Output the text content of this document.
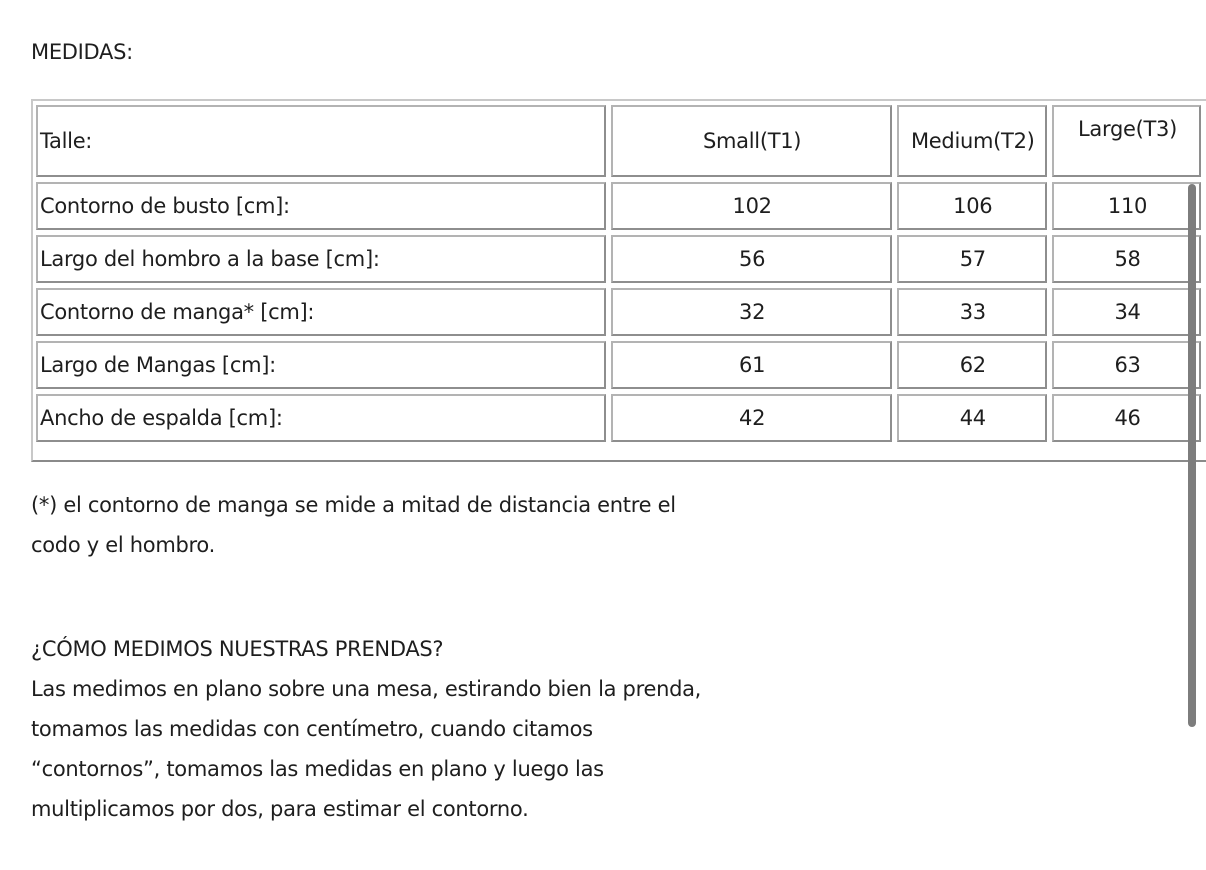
MEDIDAS:
Talle:	Small(T1)	Medium(T2)	Large(T3)
Contorno de busto [cm]:	102	106	110
Largo del hombro a la base [cm]:	56	57	58
Contorno de manga* [cm]:	32	33	34
Largo de Mangas [cm]:	61	62	63
Ancho de espalda [cm]:	42	44	46
(*) el contorno de manga se mide a mitad de distancia entre el
codo y el hombro.
¿CÓMO MEDIMOS NUESTRAS PRENDAS?
Las medimos en plano sobre una mesa, estirando bien la prenda,
tomamos las medidas con centímetro, cuando citamos
“contornos”, tomamos las medidas en plano y luego las
multiplicamos por dos, para estimar el contorno.
